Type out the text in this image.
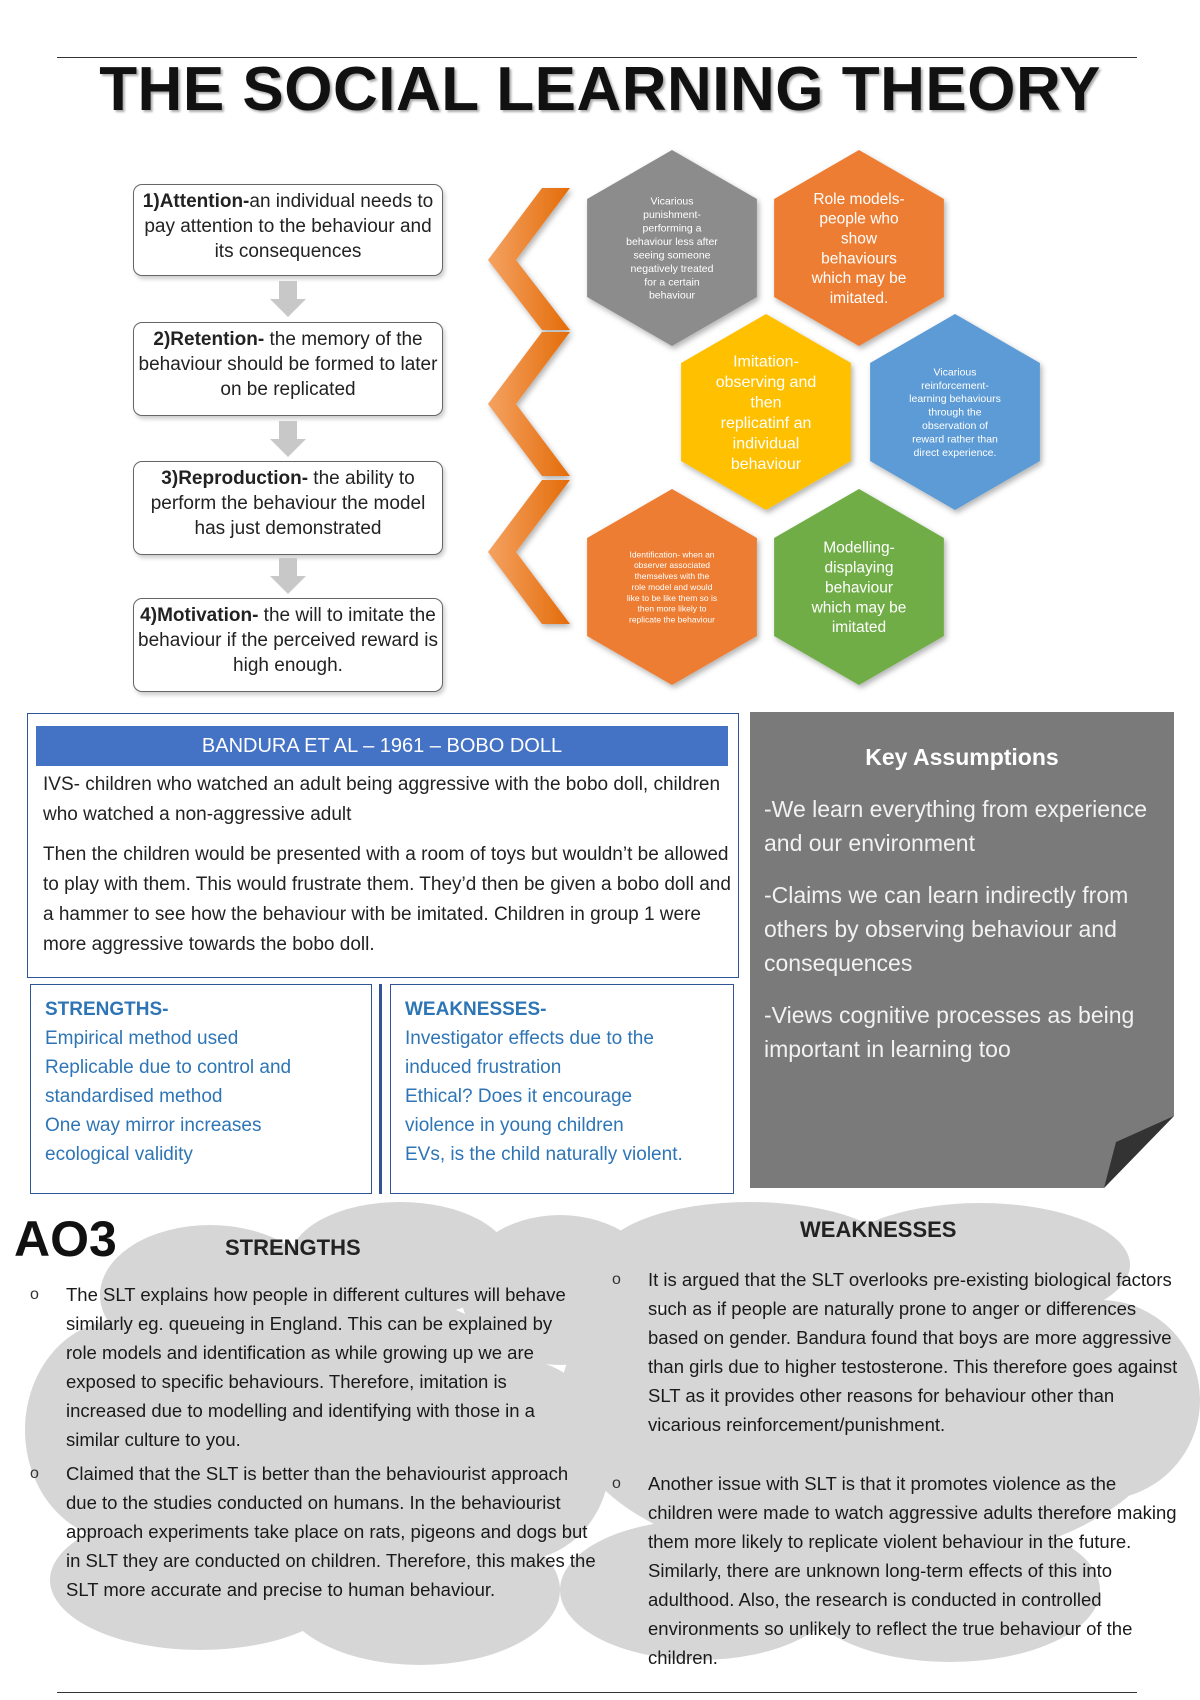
THE SOCIAL LEARNING THEORY
1)Attention-an individual needs to pay attention to the behaviour and its consequences
2)Retention- the memory of the behaviour should be formed to later on be replicated
3)Reproduction- the ability to perform the behaviour the model has just demonstrated
4)Motivation- the will to imitate the behaviour if the perceived reward is high enough.
Vicarious
punishment-
performing a
behaviour less after
seeing someone
negatively treated
for a certain
behaviour
Role models-
people who
show
behaviours
which may be
imitated.
Imitation-
observing and
then
replicatinf an
individual
behaviour
Vicarious
reinforcement-
learning behaviours
through the
observation of
reward rather than
direct experience.
Identification- when an
observer associated
themselves with the
role model and would
like to be like them so is
then more likely to
replicate the behaviour
Modelling-
displaying
behaviour
which may be
imitated
BANDURA ET AL – 1961 – BOBO DOLL
IVS- children who watched an adult being aggressive with the bobo doll, children who watched a non-aggressive adult
Then the children would be presented with a room of toys but wouldn’t be allowed to play with them. This would frustrate them. They’d then be given a bobo doll and a hammer to see how the behaviour with be imitated. Children in group 1 were more aggressive towards the bobo doll.
STRENGTHS-
Empirical method used
Replicable due to control and
standardised method
One way mirror increases
ecological validity
WEAKNESSES-
Investigator effects due to the
induced frustration
Ethical? Does it encourage
violence in young children
EVs, is the child naturally violent.
Key Assumptions
-We learn everything from experience and our environment
-Claims we can learn indirectly from others by observing behaviour and consequences
-Views cognitive processes as being important in learning too
AO3	STRENGTHS
WEAKNESSES
o The SLT explains how people in different cultures will behave similarly eg. queueing in England. This can be explained by role models and identification as while growing up we are exposed to specific behaviours. Therefore, imitation is increased due to modelling and identifying with those in a similar culture to you.
o Claimed that the SLT is better than the behaviourist approach due to the studies conducted on humans. In the behaviourist approach experiments take place on rats, pigeons and dogs but in SLT they are conducted on children. Therefore, this makes the SLT more accurate and precise to human behaviour.
o It is argued that the SLT overlooks pre-existing biological factors such as if people are naturally prone to anger or differences based on gender. Bandura found that boys are more aggressive than girls due to higher testosterone. This therefore goes against SLT as it provides other reasons for behaviour other than vicarious reinforcement/punishment.
o Another issue with SLT is that it promotes violence as the children were made to watch aggressive adults therefore making them more likely to replicate violent behaviour in the future. Similarly, there are unknown long-term effects of this into adulthood. Also, the research is conducted in controlled environments so unlikely to reflect the true behaviour of the children.
